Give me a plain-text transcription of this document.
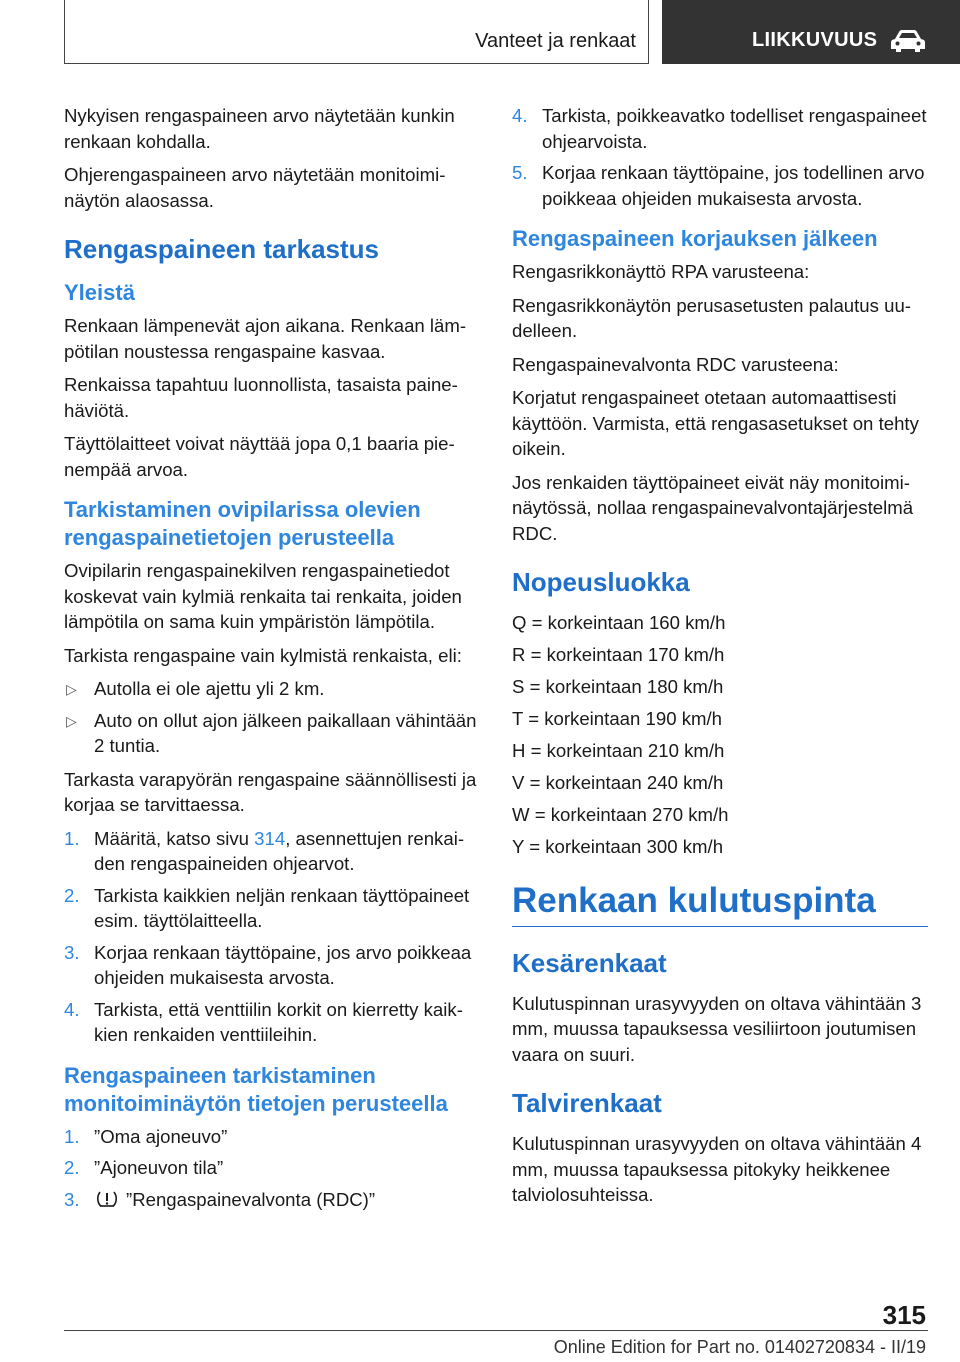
Vanteet ja renkaat	LIIKKUVUUS

Nykyisen rengaspaineen arvo näytetään kunkin renkaan kohdalla.

Ohjerengaspaineen arvo näytetään monitoiminäytön alaosassa.

Rengaspaineen tarkastus
Yleistä

Renkaan lämpenevät ajon aikana. Renkaan lämpötilan noustessa rengaspaine kasvaa.

Renkaissa tapahtuu luonnollista, tasaista painehäviötä.

Täyttölaitteet voivat näyttää jopa 0,1 baaria pienempää arvoa.

Tarkistaminen ovipilarissa olevien rengaspainetietojen perusteella

Ovipilarin rengaspainekilven rengaspainetiedot koskevat vain kylmiä renkaita tai renkaita, joiden lämpötila on sama kuin ympäristön lämpötila.

Tarkista rengaspaine vain kylmistä renkaista, eli:

▷ Autolla ei ole ajettu yli 2 km.
▷ Auto on ollut ajon jälkeen paikallaan vähintään 2 tuntia.

Tarkasta varapyörän rengaspaine säännöllisesti ja korjaa se tarvittaessa.

1. Määritä, katso sivu 314, asennettujen renkaiden rengaspaineiden ohjearvot.
2. Tarkista kaikkien neljän renkaan täyttöpaineet esim. täyttölaitteella.
3. Korjaa renkaan täyttöpaine, jos arvo poikkeaa ohjeiden mukaisesta arvosta.
4. Tarkista, että venttiilin korkit on kierretty kaikkien renkaiden venttiileihin.
Rengaspaineen tarkistaminen monitoiminäytön tietojen perusteella
1. ”Oma ajoneuvo”
2. ”Ajoneuvon tila”
3. ”Rengaspainevalvonta (RDC)”
4. Tarkista, poikkeavatko todelliset rengaspaineet ohjearvoista.
5. Korjaa renkaan täyttöpaine, jos todellinen arvo poikkeaa ohjeiden mukaisesta arvosta.
Rengaspaineen korjauksen jälkeen

Rengasrikkonäyttö RPA varusteena:

Rengasrikkonäytön perusasetusten palautus uudelleen.

Rengaspainevalvonta RDC varusteena:

Korjatut rengaspaineet otetaan automaattisesti käyttöön. Varmista, että rengasasetukset on tehty oikein.

Jos renkaiden täyttöpaineet eivät näy monitoiminäytössä, nollaa rengaspainevalvontajärjestelmä RDC.

Nopeusluokka

Q = korkeintaan 160 km/h

R = korkeintaan 170 km/h

S = korkeintaan 180 km/h

T = korkeintaan 190 km/h

H = korkeintaan 210 km/h

V = korkeintaan 240 km/h

W = korkeintaan 270 km/h

Y = korkeintaan 300 km/h

Renkaan kulutuspinta
Kesärenkaat

Kulutuspinnan urasyvyyden on oltava vähintään 3 mm, muussa tapauksessa vesiliirtoon joutumisen vaara on suuri.

Talvirenkaat

Kulutuspinnan urasyvyyden on oltava vähintään 4 mm, muussa tapauksessa pitokyky heikkenee talviolosuhteissa.

315
Online Edition for Part no. 01402720834 - II/19
